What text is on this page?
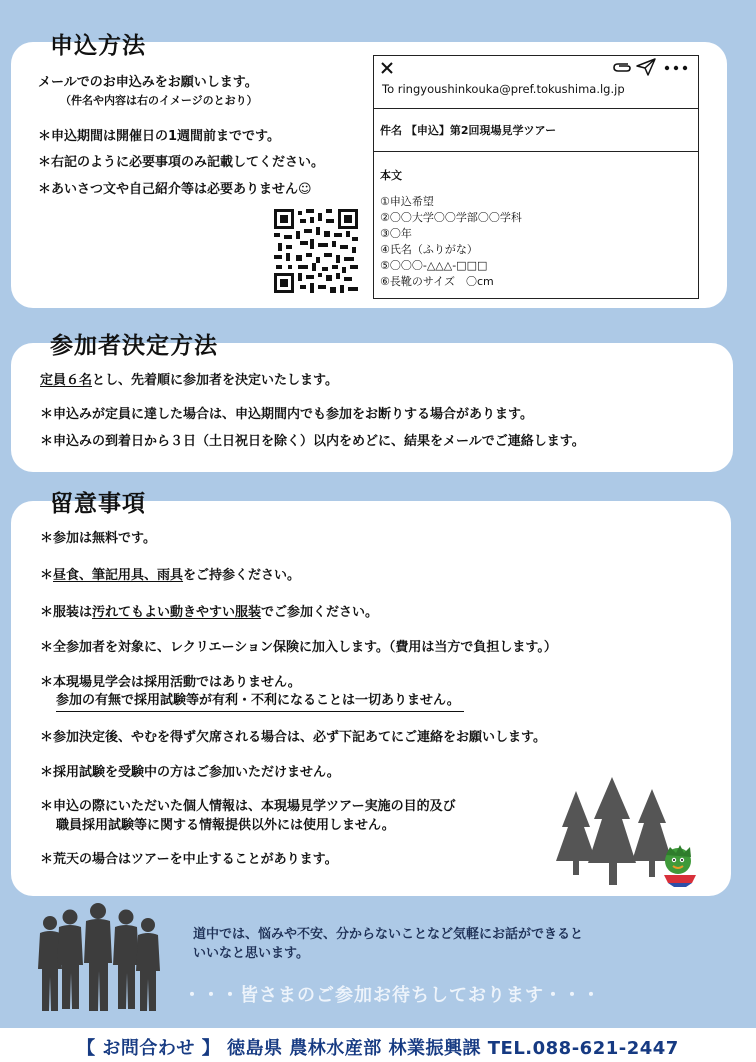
申込方法
メールでのお申込みをお願いします。
（件名や内容は右のイメージのとおり）
＊申込期間は開催日の1週間前までです。
＊右記のように必要事項のみ記載してください。
＊あいさつ文や自己紹介等は必要ありません☺
To ringyoushinkouka@pref.tokushima.lg.jp
件名 【申込】第2回現場見学ツアー
本文
①申込希望
②〇〇大学〇〇学部〇〇学科
③〇年
④氏名（ふりがな）
⑤〇〇〇-△△△-□□□
⑥長靴のサイズ　〇cm
参加者決定方法
定員６名とし、先着順に参加者を決定いたします。
＊申込みが定員に達した場合は、申込期間内でも参加をお断りする場合があります。
＊申込みの到着日から３日（土日祝日を除く）以内をめどに、結果をメールでご連絡します。
留意事項
＊参加は無料です。
＊昼食、筆記用具、雨具をご持参ください。
＊服装は汚れてもよい動きやすい服装でご参加ください。
＊全参加者を対象に、レクリエーション保険に加入します。（費用は当方で負担します。）
＊本現場見学会は採用活動ではありません。
参加の有無で採用試験等が有利・不利になることは一切ありません。
＊参加決定後、やむを得ず欠席される場合は、必ず下記あてにご連絡をお願いします。
＊採用試験を受験中の方はご参加いただけません。
＊申込の際にいただいた個人情報は、本現場見学ツアー実施の目的及び
職員採用試験等に関する情報提供以外には使用しません。
＊荒天の場合はツアーを中止することがあります。
道中では、悩みや不安、分からないことなど気軽にお話ができると
いいなと思います。
・・・皆さまのご参加お待ちしております・・・
【 お問合わせ 】 徳島県 農林水産部 林業振興課 TEL.088-621-2447
